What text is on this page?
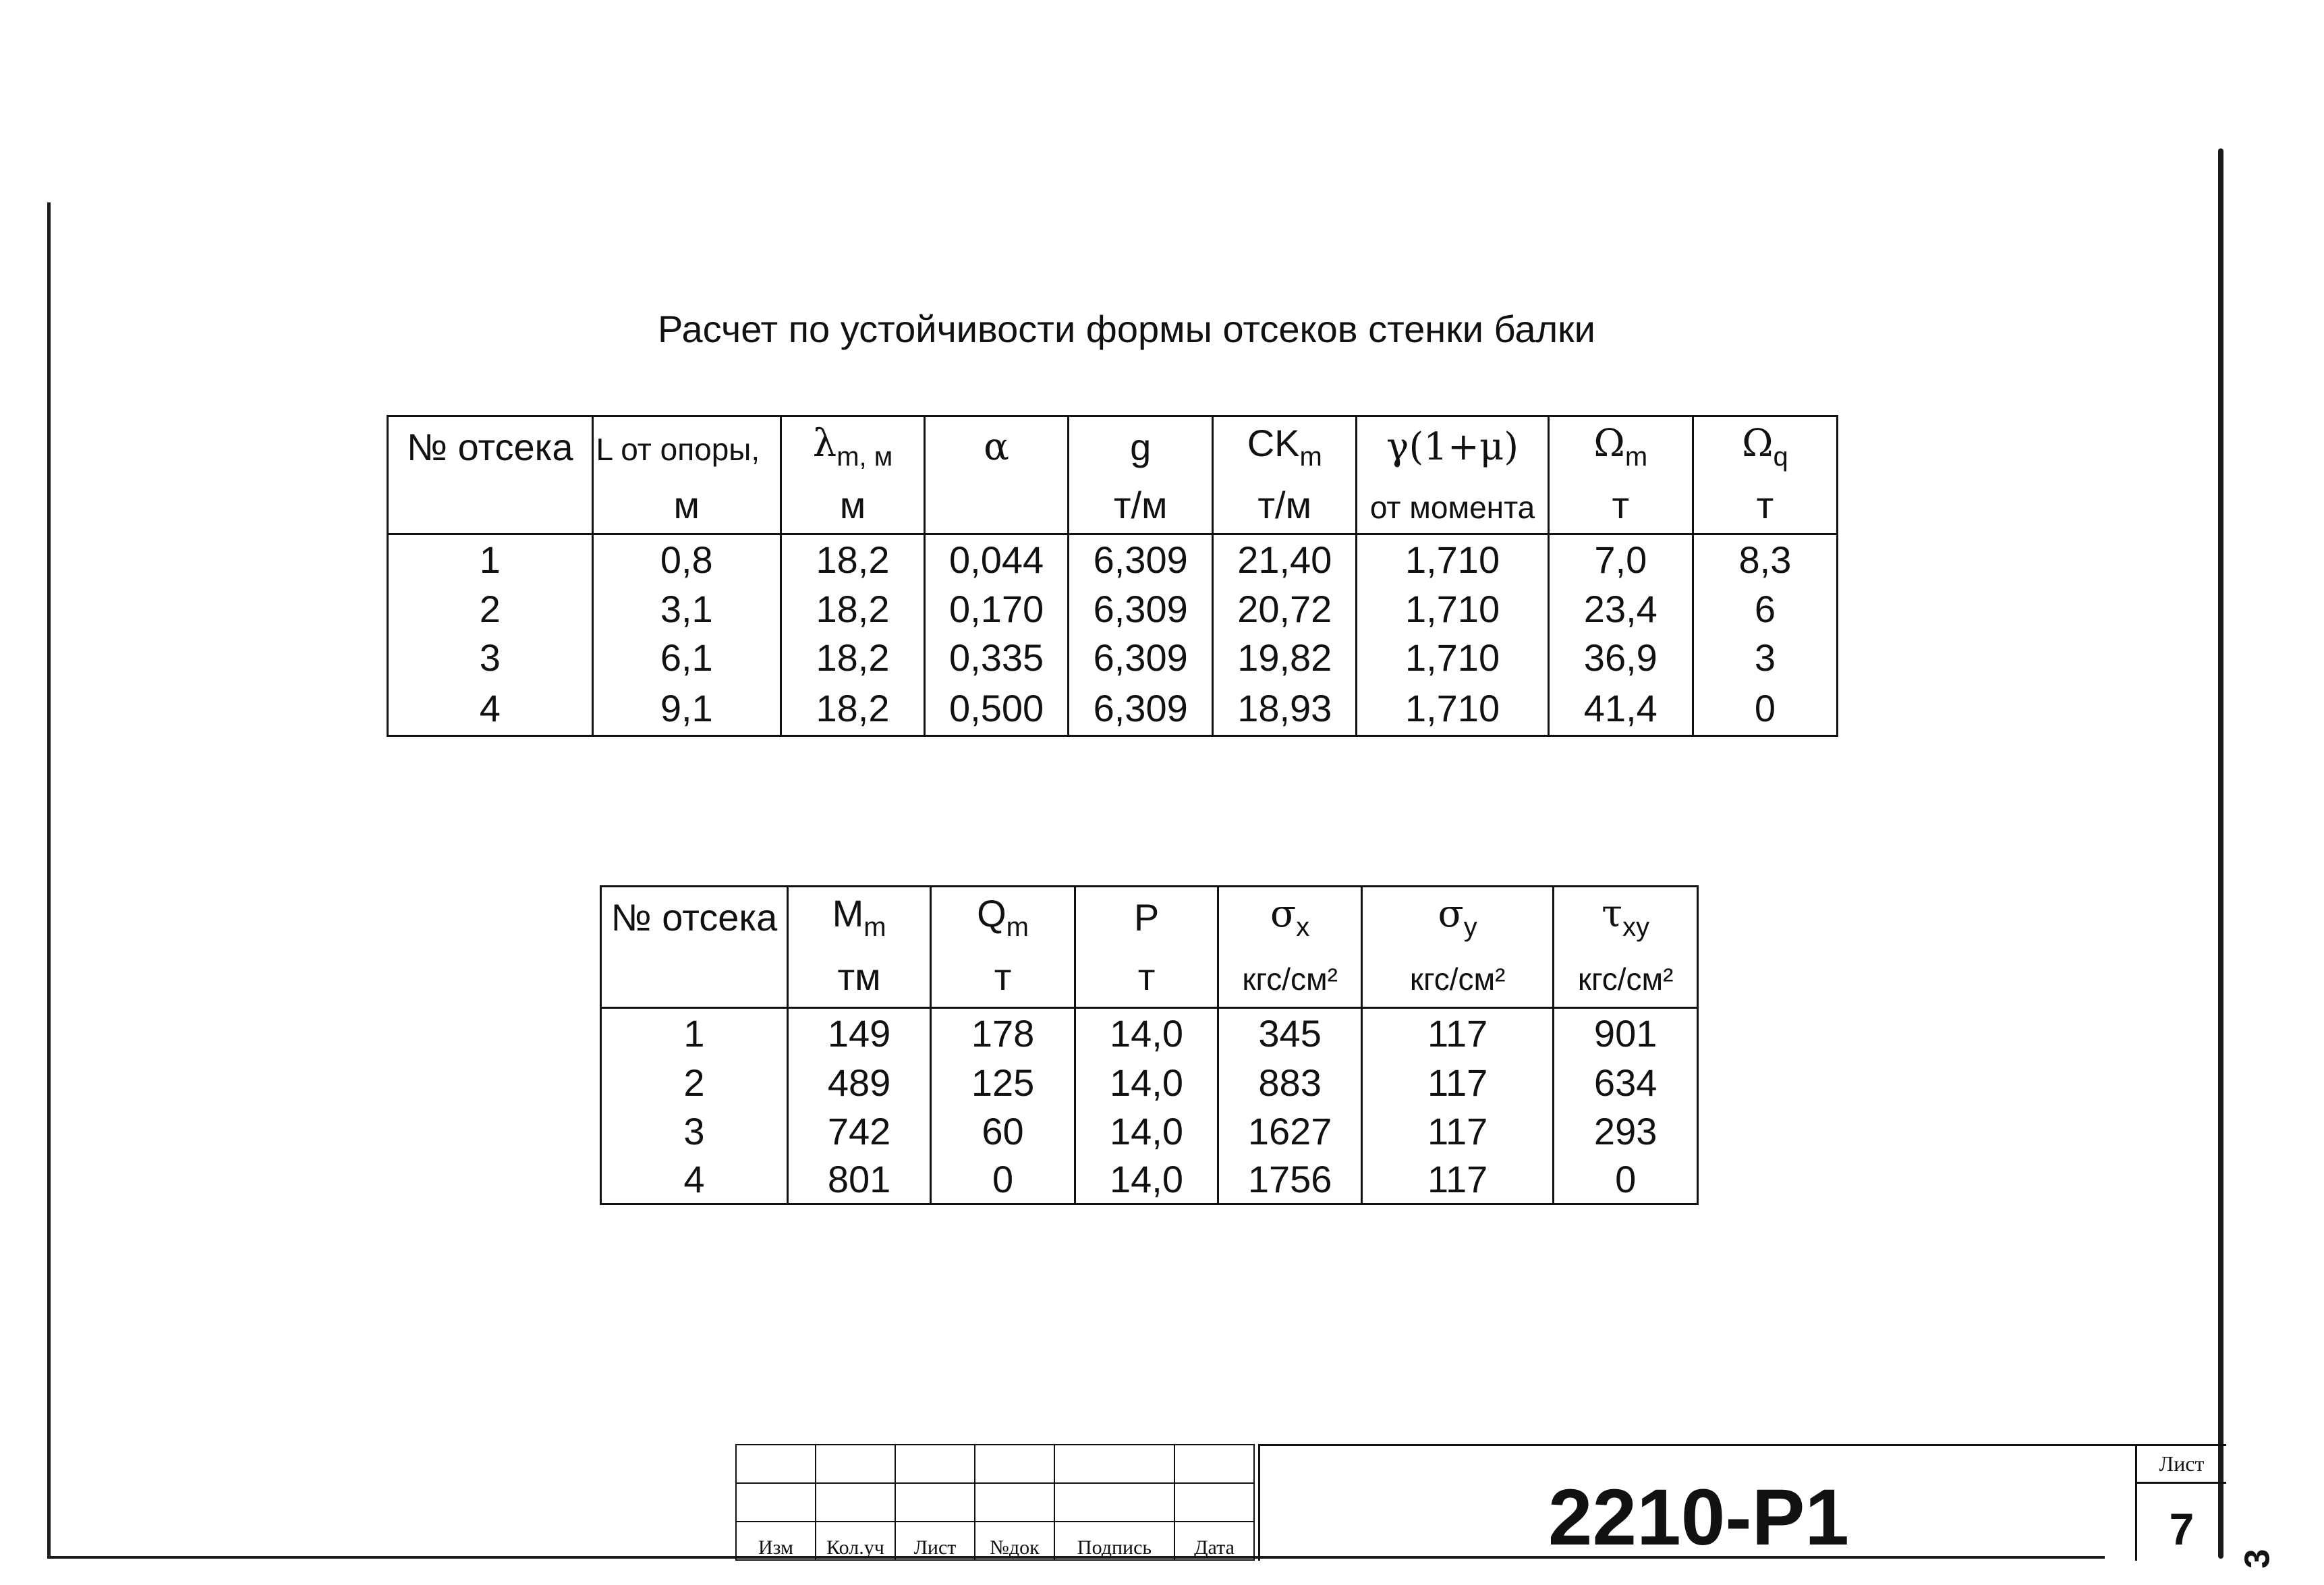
Расчет по устойчивости формы отсеков стенки балки
№ отсека	L от опоры,	$\lambda_{m, м}$	α	g	$CK_m$	γ(1+μ)	$\Omega_m$	$\Omega_q$
	м	м		т/м	т/м	от момента	т	т
1	0,8	18,2	0,044	6,309	21,40	1,710	7,0	8,3
2	3,1	18,2	0,170	6,309	20,72	1,710	23,4	6
3	6,1	18,2	0,335	6,309	19,82	1,710	36,9	3
4	9,1	18,2	0,500	6,309	18,93	1,710	41,4	0
№ отсека	$M_m$	$Q_m$	P	$\sigma_x$	$\sigma_y$	$\tau_{xy}$
	тм	т	т	кгс/см²	кгс/см²	кгс/см²
1	149	178	14,0	345	117	901
2	489	125	14,0	883	117	634
3	742	60	14,0	1627	117	293
4	801	0	14,0	1756	117	0

Изм	Кол.уч	Лист	№док	Подпись	Дата	2210-P1
Лист
7
3
